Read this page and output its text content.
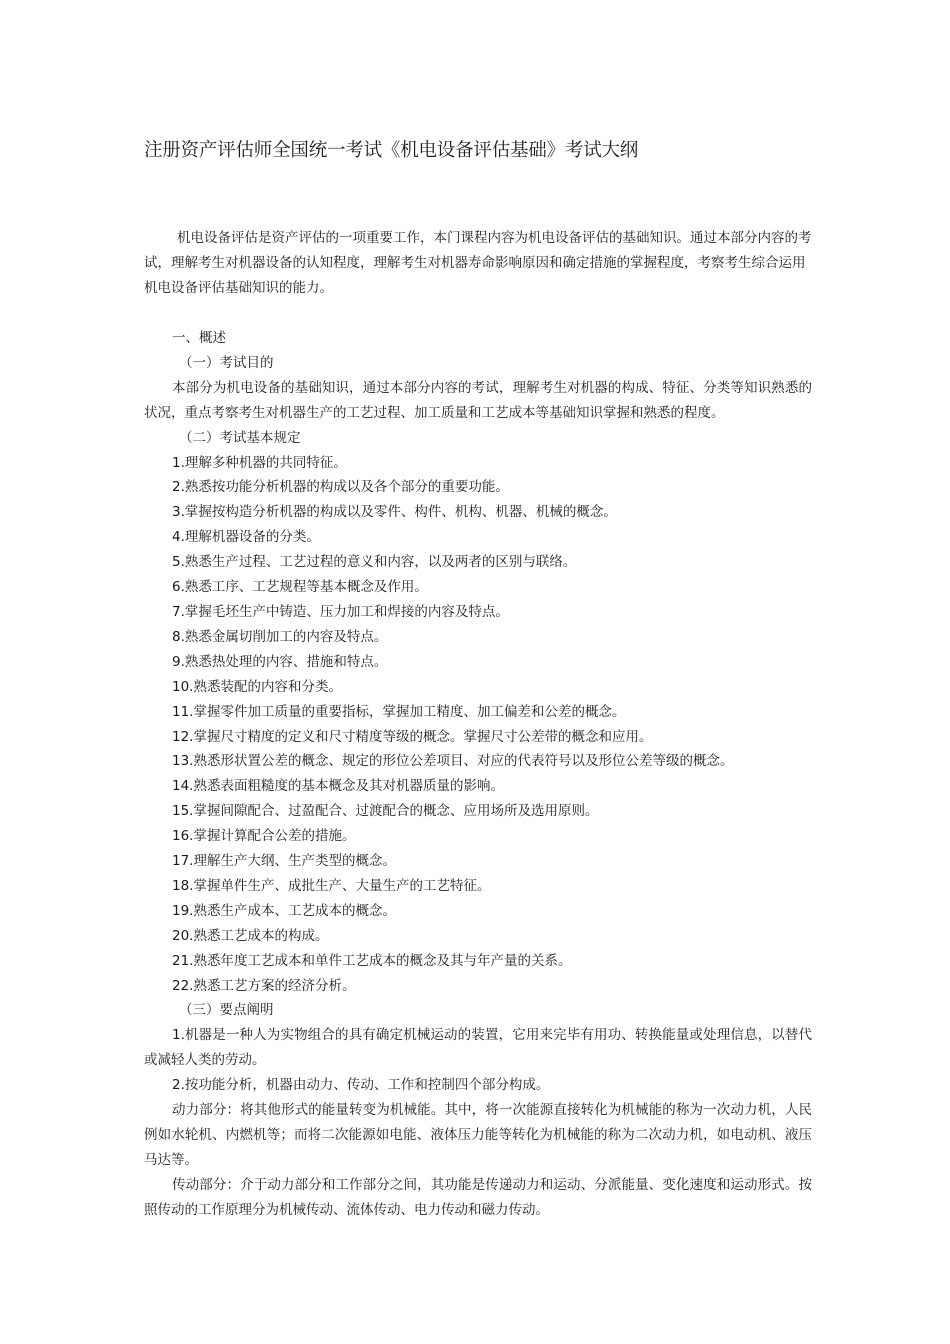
注册资产评估师全国统一考试《机电设备评估基础》考试大纲
机电设备评估是资产评估的一项重要工作，本门课程内容为机电设备评估的基础知识。通过本部分内容的考试，理解考生对机器设备的认知程度，理解考生对机器寿命影响原因和确定措施的掌握程度，考察考生综合运用机电设备评估基础知识的能力。
一、概述
（一）考试目的
本部分为机电设备的基础知识，通过本部分内容的考试，理解考生对机器的构成、特征、分类等知识熟悉的状况，重点考察考生对机器生产的工艺过程、加工质量和工艺成本等基础知识掌握和熟悉的程度。
（二）考试基本规定
1.理解多种机器的共同特征。
2.熟悉按功能分析机器的构成以及各个部分的重要功能。
3.掌握按构造分析机器的构成以及零件、构件、机构、机器、机械的概念。
4.理解机器设备的分类。
5.熟悉生产过程、工艺过程的意义和内容，以及两者的区别与联络。
6.熟悉工序、工艺规程等基本概念及作用。
7.掌握毛坯生产中铸造、压力加工和焊接的内容及特点。
8.熟悉金属切削加工的内容及特点。
9.熟悉热处理的内容、措施和特点。
10.熟悉装配的内容和分类。
11.掌握零件加工质量的重要指标，掌握加工精度、加工偏差和公差的概念。
12.掌握尺寸精度的定义和尺寸精度等级的概念。掌握尺寸公差带的概念和应用。
13.熟悉形状置公差的概念、规定的形位公差项目、对应的代表符号以及形位公差等级的概念。
14.熟悉表面粗糙度的基本概念及其对机器质量的影响。
15.掌握间隙配合、过盈配合、过渡配合的概念、应用场所及选用原则。
16.掌握计算配合公差的措施。
17.理解生产大纲、生产类型的概念。
18.掌握单件生产、成批生产、大量生产的工艺特征。
19.熟悉生产成本、工艺成本的概念。
20.熟悉工艺成本的构成。
21.熟悉年度工艺成本和单件工艺成本的概念及其与年产量的关系。
22.熟悉工艺方案的经济分析。
（三）要点阐明
1.机器是一种人为实物组合的具有确定机械运动的装置，它用来完毕有用功、转换能量或处理信息，以替代或减轻人类的劳动。
2.按功能分析，机器由动力、传动、工作和控制四个部分构成。
动力部分：将其他形式的能量转变为机械能。其中，将一次能源直接转化为机械能的称为一次动力机，人民例如水轮机、内燃机等；而将二次能源如电能、液体压力能等转化为机械能的称为二次动力机，如电动机、液压马达等。
传动部分：介于动力部分和工作部分之间，其功能是传递动力和运动、分派能量、变化速度和运动形式。按照传动的工作原理分为机械传动、流体传动、电力传动和磁力传动。
